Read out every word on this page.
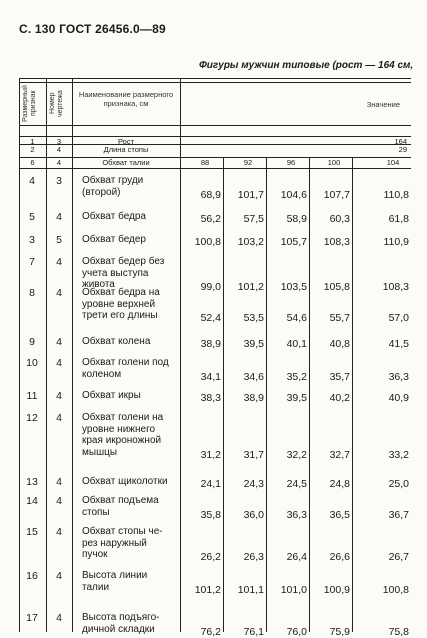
С. 130 ГОСТ 26456.0—89
Фигуры мужчин типовые (рост — 164 см,
Размерный признак	Номер чертежа	Наименование размерного признака, см	Значение
1	3	Рост	164
2	4	Длина стопы	29
6	4	Обхват талии	88	92	96	100	104
4	3	Обхват груди
(второй)	68,9	101,7	104,6	107,7	110,8
5	4	Обхват бедра	56,2	57,5	58,9	60,3	61,8
3	5	Обхват бедер	100,8	103,2	105,7	108,3	110,9
7	4	Обхват бедер без
учета выступа
живота	99,0	101,2	103,5	105,8	108,3
8	4	Обхват бедра на
уровне верхней
трети его длины	52,4	53,5	54,6	55,7	57,0
9	4	Обхват колена	38,9	39,5	40,1	40,8	41,5
10	4	Обхват голени под
коленом	34,1	34,6	35,2	35,7	36,3
11	4	Обхват икры	38,3	38,9	39,5	40,2	40,9
12	4	Обхват голени на
уровне нижнего
края икроножной
мышцы	31,2	31,7	32,2	32,7	33,2
13	4	Обхват щиколотки	24,1	24,3	24,5	24,8	25,0
14	4	Обхват подъема
стопы	35,8	36,0	36,3	36,5	36,7
15	4	Обхват стопы че-
рез наружный
пучок	26,2	26,3	26,4	26,6	26,7
16	4	Высота линии
талии	101,2	101,1	101,0	100,9	100,8
17	4	Высота подъяго-
дичной складки	76,2	76,1	76,0	75,9	75,8
